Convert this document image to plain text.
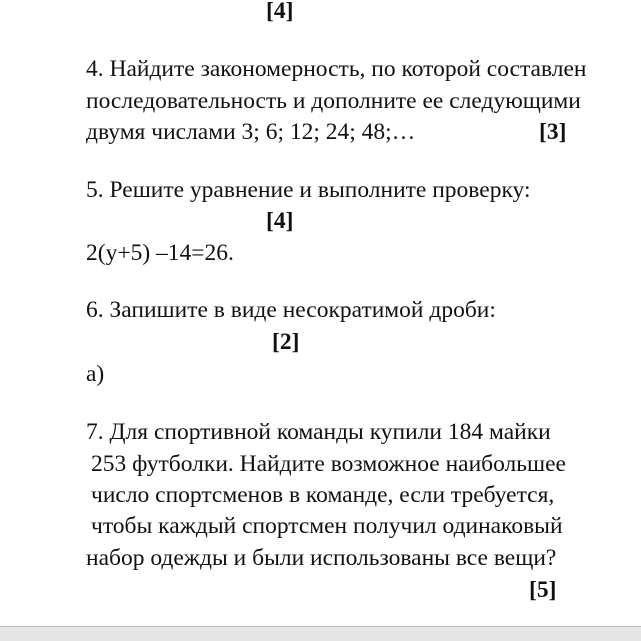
[4]
4. Найдите закономерность, по которой составлен
последовательность и дополните ее следующими
двумя числами 3; 6; 12; 24; 48;…	[3]
5. Решите уравнение и выполните проверку:
[4]
2(y+5) –14=26.
6. Запишите в виде несократимой дроби:
[2]
а)
7. Для спортивной команды купили 184 майки
253 футболки. Найдите возможное наибольшее
число спортсменов в команде, если требуется,
чтобы каждый спортсмен получил одинаковый
набор одежды и были использованы все вещи?
[5]
